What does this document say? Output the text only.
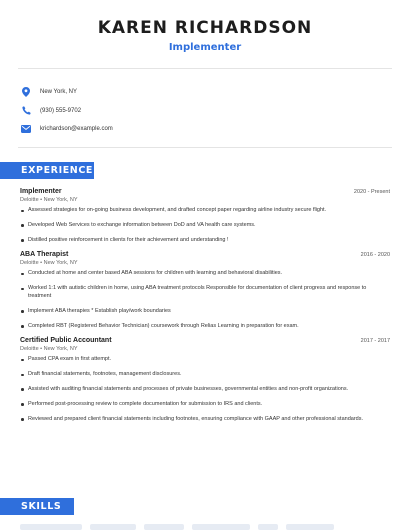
KAREN RICHARDSON
Implementer
New York, NY
(930) 555-9702
krichardson@example.com
EXPERIENCE
Implementer	2020 - Present
Deloitte • New York, NY
Assessed strategies for on-going business development, and drafted concept paper regarding airline industry secure flight.
Developed Web Services to exchange information between DoD and VA health care systems.
Distilled positive reinforcement in clients for their achievement and understanding !
ABA Therapist	2016 - 2020
Deloitte • New York, NY
Conducted at home and center based ABA sessions for children with learning and behavioral disabilities.
Worked 1:1 with autistic children in home, using ABA treatment protocols Responsible for documentation of client progress and response to treatment
Implement ABA therapies * Establish play/work boundaries
Completed RBT (Registered Behavior Technician) coursework through Relias Learning in preparation for exam.
Certified Public Accountant	2017 - 2017
Deloitte • New York, NY
Passed CPA exam in first attempt.
Draft financial statements, footnotes, management disclosures.
Assisted with auditing financial statements and processes of private businesses, governmental entities and non-profit organizations.
Performed post-processing review to complete documentation for submission to IRS and clients.
Reviewed and prepared client financial statements including footnotes, ensuring compliance with GAAP and other professional standards.
SKILLS
